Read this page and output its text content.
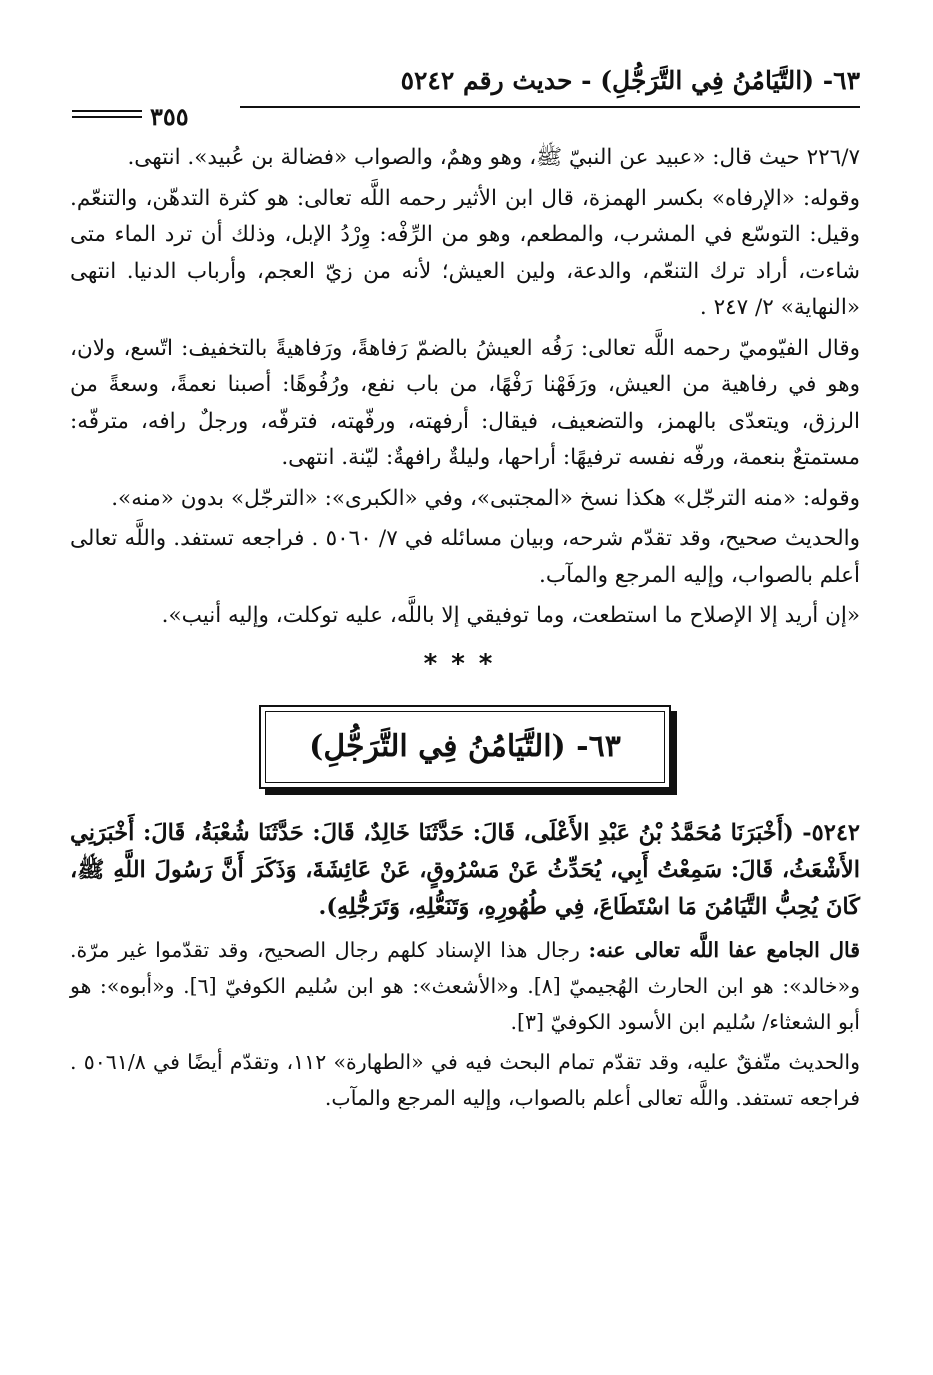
٦٣- (التَّيَامُنُ فِي التَّرَجُّلِ) - حديث رقم ٥٢٤٢
٣٥٥

٢٢٦/٧ حيث قال: «عبيد عن النبيّ ﷺ، وهو وهمٌ، والصواب «فضالة بن عُبيد». انتهى.

وقوله: «الإرفاه» بكسر الهمزة، قال ابن الأثير رحمه اللَّه تعالى: هو كثرة التدهّن، والتنعّم. وقيل: التوسّع في المشرب، والمطعم، وهو من الرِّفْه: وِرْدُ الإبل، وذلك أن ترد الماء متى شاءت، أراد ترك التنعّم، والدعة، ولين العيش؛ لأنه من زيّ العجم، وأرباب الدنيا. انتهى «النهاية» ٢/ ٢٤٧ .

وقال الفيّوميّ رحمه اللَّه تعالى: رَفُه العيشُ بالضمّ رَفاهةً، ورَفاهيةً بالتخفيف: اتّسع، ولان، وهو في رفاهية من العيش، ورَفَهْنا رَفْهًا، من باب نفع، ورُفُوهًا: أصبنا نعمةً، وسعةً من الرزق، ويتعدّى بالهمز، والتضعيف، فيقال: أرفهته، ورفّهته، فترفّه، ورجلٌ رافه، مترفّه: مستمتعٌ بنعمة، ورفّه نفسه ترفيهًا: أراحها، وليلةٌ رافهةٌ: ليّنة. انتهى.

وقوله: «منه الترجّل» هكذا نسخ «المجتبى»، وفي «الكبرى»: «الترجّل» بدون «منه».

والحديث صحيح، وقد تقدّم شرحه، وبيان مسائله في ٧/ ٥٠٦٠ . فراجعه تستفد. واللَّه تعالى أعلم بالصواب، وإليه المرجع والمآب.

«إن أريد إلا الإصلاح ما استطعت، وما توفيقي إلا باللَّه، عليه توكلت، وإليه أنيب».

***
٦٣- (التَّيَامُنُ فِي التَّرَجُّلِ)

٥٢٤٢- (أَخْبَرَنَا مُحَمَّدُ بْنُ عَبْدِ الأَعْلَى، قَالَ: حَدَّثَنَا خَالِدٌ، قَالَ: حَدَّثَنَا شُعْبَةُ، قَالَ: أَخْبَرَنِي الأَشْعَثُ، قَالَ: سَمِعْتُ أَبِي، يُحَدِّثُ عَنْ مَسْرُوقٍ، عَنْ عَائِشَةَ، وَذَكَرَ أَنَّ رَسُولَ اللَّهِ ﷺ، كَانَ يُحِبُّ التَّيَامُنَ مَا اسْتَطَاعَ، فِي طُهُورِهِ، وَتَنَعُّلِهِ، وَتَرَجُّلِهِ).

قال الجامع عفا اللَّه تعالى عنه: رجال هذا الإسناد كلهم رجال الصحيح، وقد تقدّموا غير مرّة. و«خالد»: هو ابن الحارث الهُجيميّ [٨]. و«الأشعث»: هو ابن سُليم الكوفيّ [٦]. و«أبوه»: هو أبو الشعثاء/ سُليم ابن الأسود الكوفيّ [٣].

والحديث متّفقٌ عليه، وقد تقدّم تمام البحث فيه في «الطهارة» ١١٢، وتقدّم أيضًا في ٥٠٦١/٨ . فراجعه تستفد. واللَّه تعالى أعلم بالصواب، وإليه المرجع والمآب.
